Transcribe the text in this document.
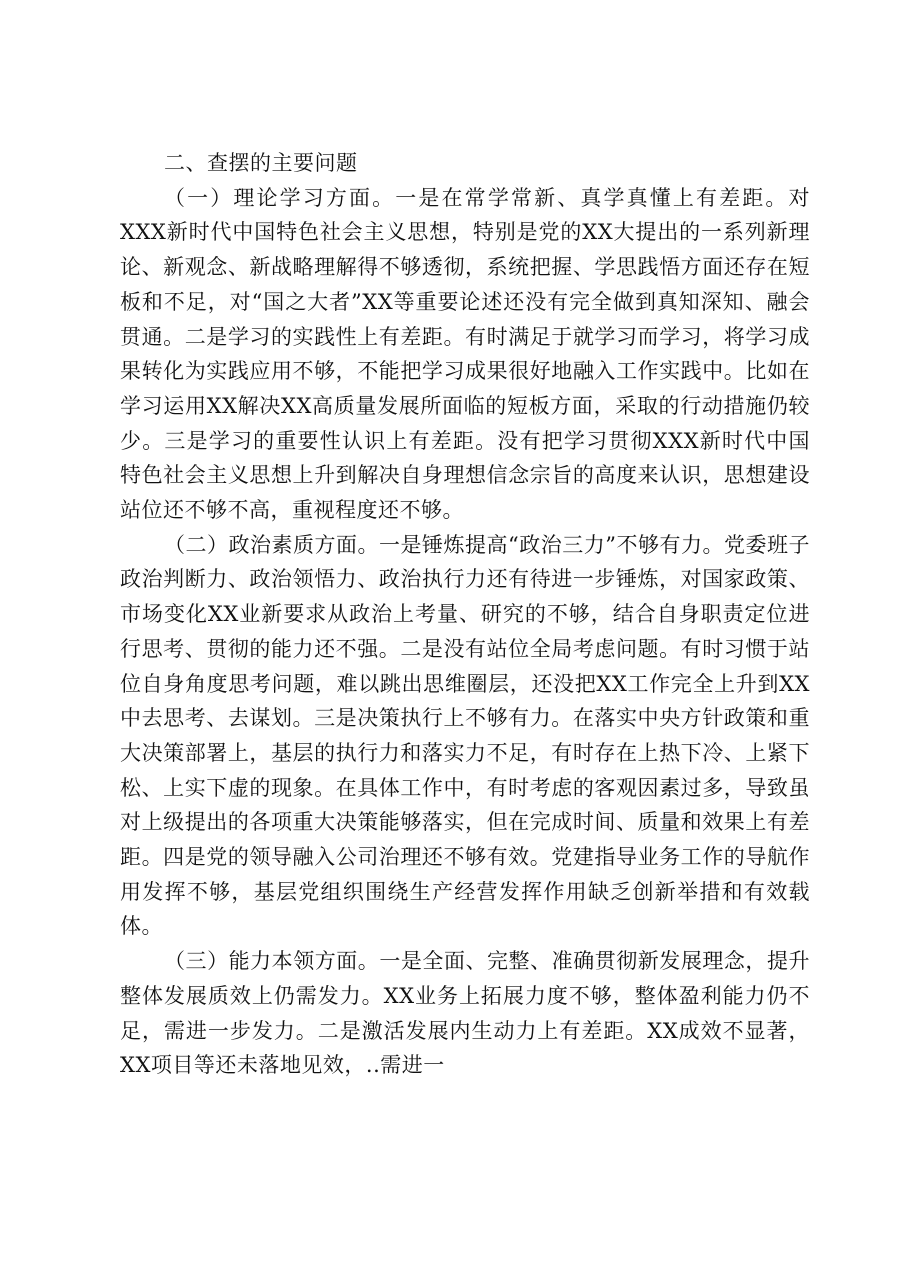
二、查摆的主要问题

（一）理论学习方面。一是在常学常新、真学真懂上有差距。对XXX新时代中国特色社会主义思想，特别是党的XX大提出的一系列新理论、新观念、新战略理解得不够透彻，系统把握、学思践悟方面还存在短板和不足，对“国之大者”XX等重要论述还没有完全做到真知深知、融会贯通。二是学习的实践性上有差距。有时满足于就学习而学习，将学习成果转化为实践应用不够，不能把学习成果很好地融入工作实践中。比如在学习运用XX解决XX高质量发展所面临的短板方面，采取的行动措施仍较少。三是学习的重要性认识上有差距。没有把学习贯彻XXX新时代中国特色社会主义思想上升到解决自身理想信念宗旨的高度来认识，思想建设站位还不够不高，重视程度还不够。

（二）政治素质方面。一是锤炼提高“政治三力”不够有力。党委班子政治判断力、政治领悟力、政治执行力还有待进一步锤炼，对国家政策、市场变化XX业新要求从政治上考量、研究的不够，结合自身职责定位进行思考、贯彻的能力还不强。二是没有站位全局考虑问题。有时习惯于站位自身角度思考问题，难以跳出思维圈层，还没把XX工作完全上升到XX中去思考、去谋划。三是决策执行上不够有力。在落实中央方针政策和重大决策部署上，基层的执行力和落实力不足，有时存在上热下冷、上紧下松、上实下虚的现象。在具体工作中，有时考虑的客观因素过多，导致虽对上级提出的各项重大决策能够落实，但在完成时间、质量和效果上有差距。四是党的领导融入公司治理还不够有效。党建指导业务工作的导航作用发挥不够，基层党组织围绕生产经营发挥作用缺乏创新举措和有效载体。

（三）能力本领方面。一是全面、完整、准确贯彻新发展理念，提升整体发展质效上仍需发力。XX业务上拓展力度不够，整体盈利能力仍不足，需进一步发力。二是激活发展内生动力上有差距。XX成效不显著，XX项目等还未落地见效，..需进一
